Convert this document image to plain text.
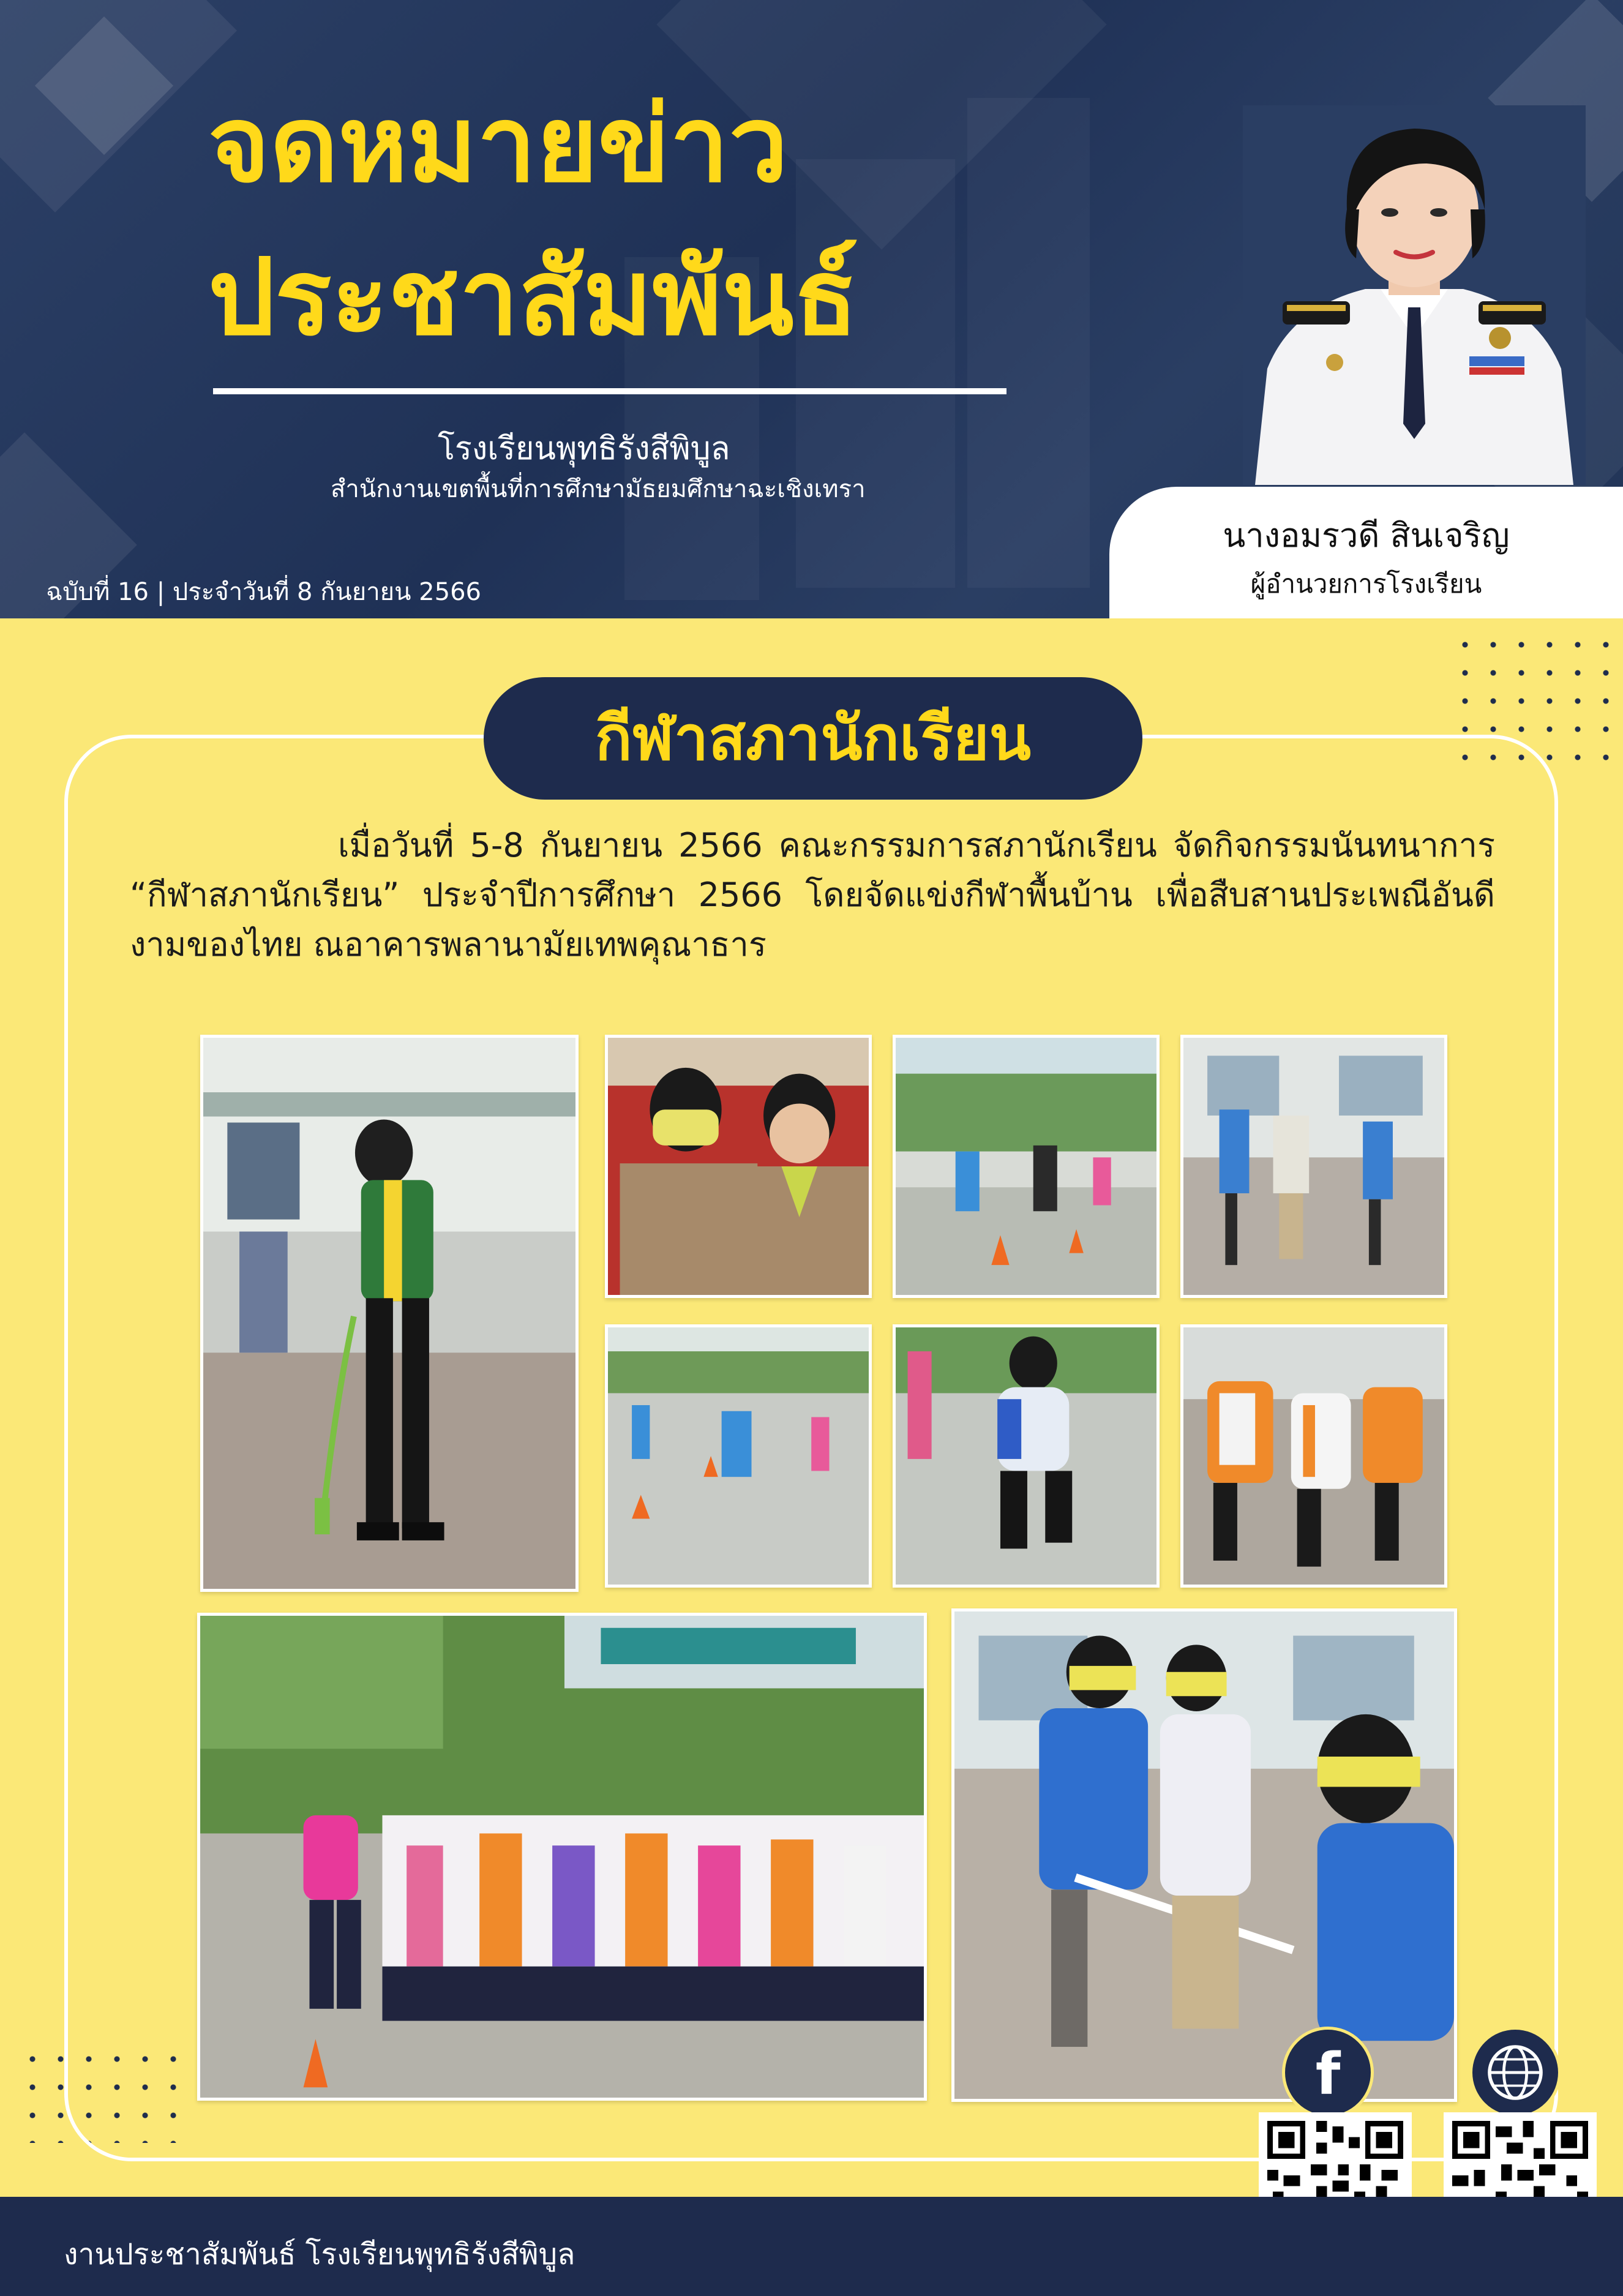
จดหมายข่าว
ประชาสัมพันธ์
โรงเรียนพุทธิรังสีพิบูล
สำนักงานเขตพื้นที่การศึกษามัธยมศึกษาฉะเชิงเทรา
ฉบับที่ 16 | ประจำวันที่ 8 กันยายน 2566
นางอมรวดี สินเจริญ
ผู้อำนวยการโรงเรียน
กีฬาสภานักเรียน
เมื่อวันที่ 5-8 กันยายน 2566 คณะกรรมการสภานักเรียน จัดกิจกรรมนันทนาการ “กีฬาสภานักเรียน” ประจำปีการศึกษา 2566 โดยจัดแข่งกีฬาพื้นบ้าน เพื่อสืบสานประเพณีอันดีงามของไทย ณอาคารพลานามัยเทพคุณาธาร
f
งานประชาสัมพันธ์ โรงเรียนพุทธิรังสีพิบูล
